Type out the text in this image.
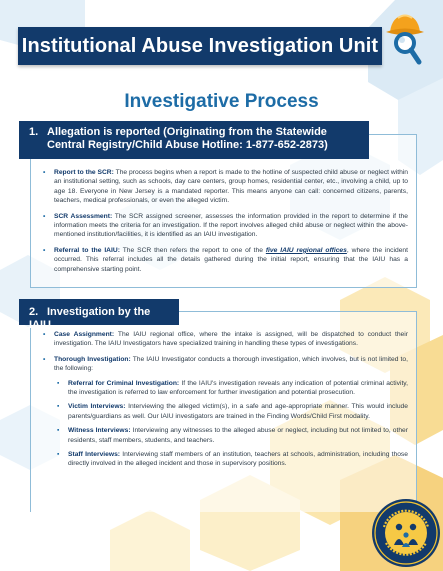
Institutional Abuse Investigation Unit
Investigative Process
1. Allegation is reported (Originating from the Statewide Central Registry/Child Abuse Hotline: 1-877-652-2873)
• Report to the SCR: The process begins when a report is made to the hotline of suspected child abuse or neglect within an institutional setting, such as schools, day care centers, group homes, residential center, etc., involving a child, up to age 18. Everyone in New Jersey is a mandated reporter. This means anyone can call: concerned citizens, parents, teachers, medical professionals, or even the alleged victim.
• SCR Assessment: The SCR assigned screener, assesses the information provided in the report to determine if the information meets the criteria for an investigation. If the report involves alleged child abuse or neglect within the above-mentioned institution/facilities, it is identified as an IAIU investigation.
• Referral to the IAIU: The SCR then refers the report to one of the five IAIU regional offices, where the incident occurred. This referral includes all the details gathered during the initial report, ensuring that the IAIU has a comprehensive starting point.
2. Investigation by the IAIU
• Case Assignment: The IAIU regional office, where the intake is assigned, will be dispatched to conduct their investigation. The IAIU Investigators have specialized training in handling these types of investigations.
• Thorough Investigation: The IAIU Investigator conducts a thorough investigation, which involves, but is not limited to, the following:
▪ Referral for Criminal Investigation: If the IAIU's investigation reveals any indication of potential criminal activity, the investigation is referred to law enforcement for further investigation and potential prosecution.
▪ Victim Interviews: Interviewing the alleged victim(s), in a safe and age-appropriate manner. This would include parents/guardians as well. Our IAIU investigators are trained in the Finding Words/Child First modality.
▪ Witness Interviews: Interviewing any witnesses to the alleged abuse or neglect, including but not limited to, other residents, staff members, students, and teachers.
▪ Staff Interviews: Interviewing staff members of an institution, teachers at schools, administration, including those directly involved in the alleged incident and those in supervisory positions.
